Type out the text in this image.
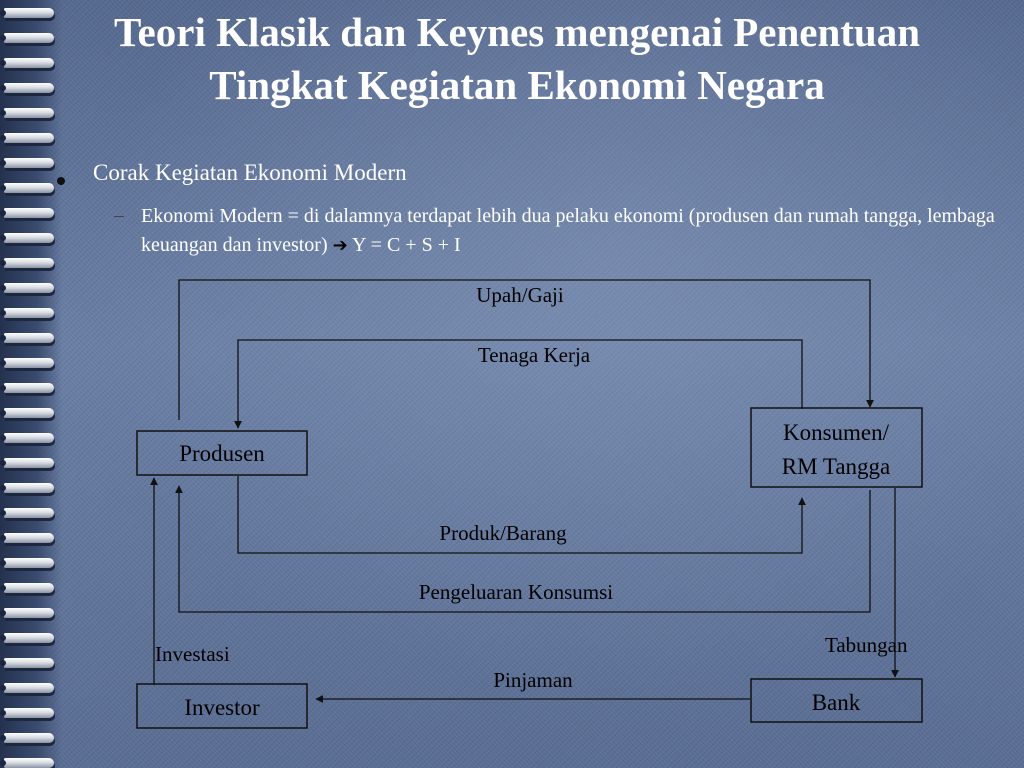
Teori Klasik dan Keynes mengenai Penentuan Tingkat Kegiatan Ekonomi Negara
Corak Kegiatan Ekonomi Modern
Ekonomi Modern = di dalamnya terdapat lebih dua pelaku ekonomi (produsen dan rumah tangga, lembaga keuangan dan investor) ➔ Y = C + S + I
Produsen
Konsumen/
RM Tangga
Investor	Bank
Upah/Gaji
Tenaga Kerja
Produk/Barang
Pengeluaran Konsumsi
Investasi	Tabungan
Pinjaman
